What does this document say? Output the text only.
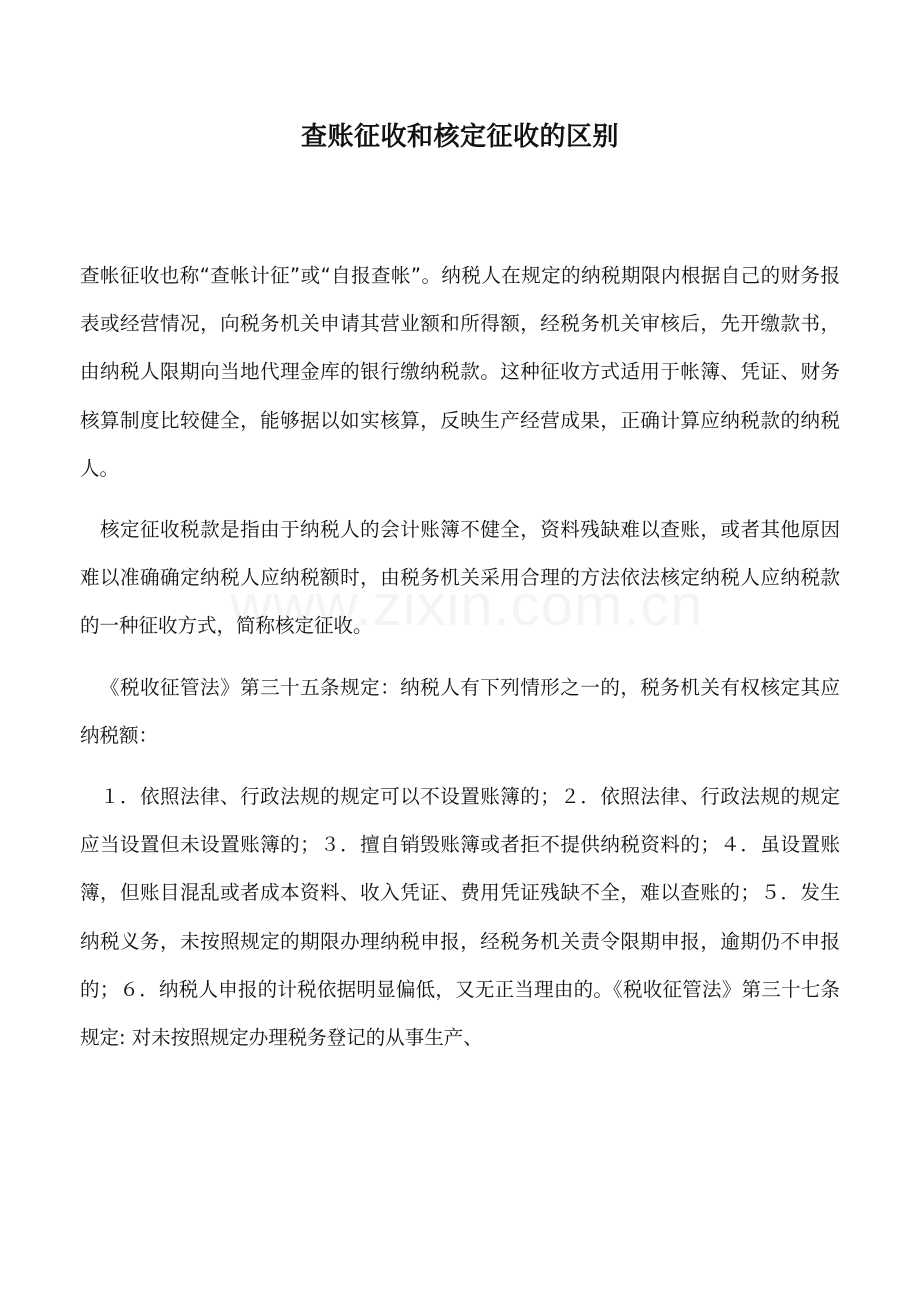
查账征收和核定征收的区别

查帐征收也称“查帐计征”或“自报查帐”。纳税人在规定的纳税期限内根据自己的财务报表或经营情况，向税务机关申请其营业额和所得额，经税务机关审核后，先开缴款书，由纳税人限期向当地代理金库的银行缴纳税款。这种征收方式适用于帐簿、凭证、财务核算制度比较健全，能够据以如实核算，反映生产经营成果，正确计算应纳税款的纳税人。

核定征收税款是指由于纳税人的会计账簿不健全，资料残缺难以查账，或者其他原因难以准确确定纳税人应纳税额时，由税务机关采用合理的方法依法核定纳税人应纳税款的一种征收方式，简称核定征收。

《税收征管法》第三十五条规定：纳税人有下列情形之一的，税务机关有权核定其应纳税额：

１．依照法律、行政法规的规定可以不设置账簿的；２．依照法律、行政法规的规定应当设置但未设置账簿的；３．擅自销毁账簿或者拒不提供纳税资料的；４．虽设置账簿，但账目混乱或者成本资料、收入凭证、费用凭证残缺不全，难以查账的；５．发生纳税义务，未按照规定的期限办理纳税申报，经税务机关责令限期申报，逾期仍不申报的；６．纳税人申报的计税依据明显偏低，又无正当理由的。《税收征管法》第三十七条规定: 对未按照规定办理税务登记的从事生产、
